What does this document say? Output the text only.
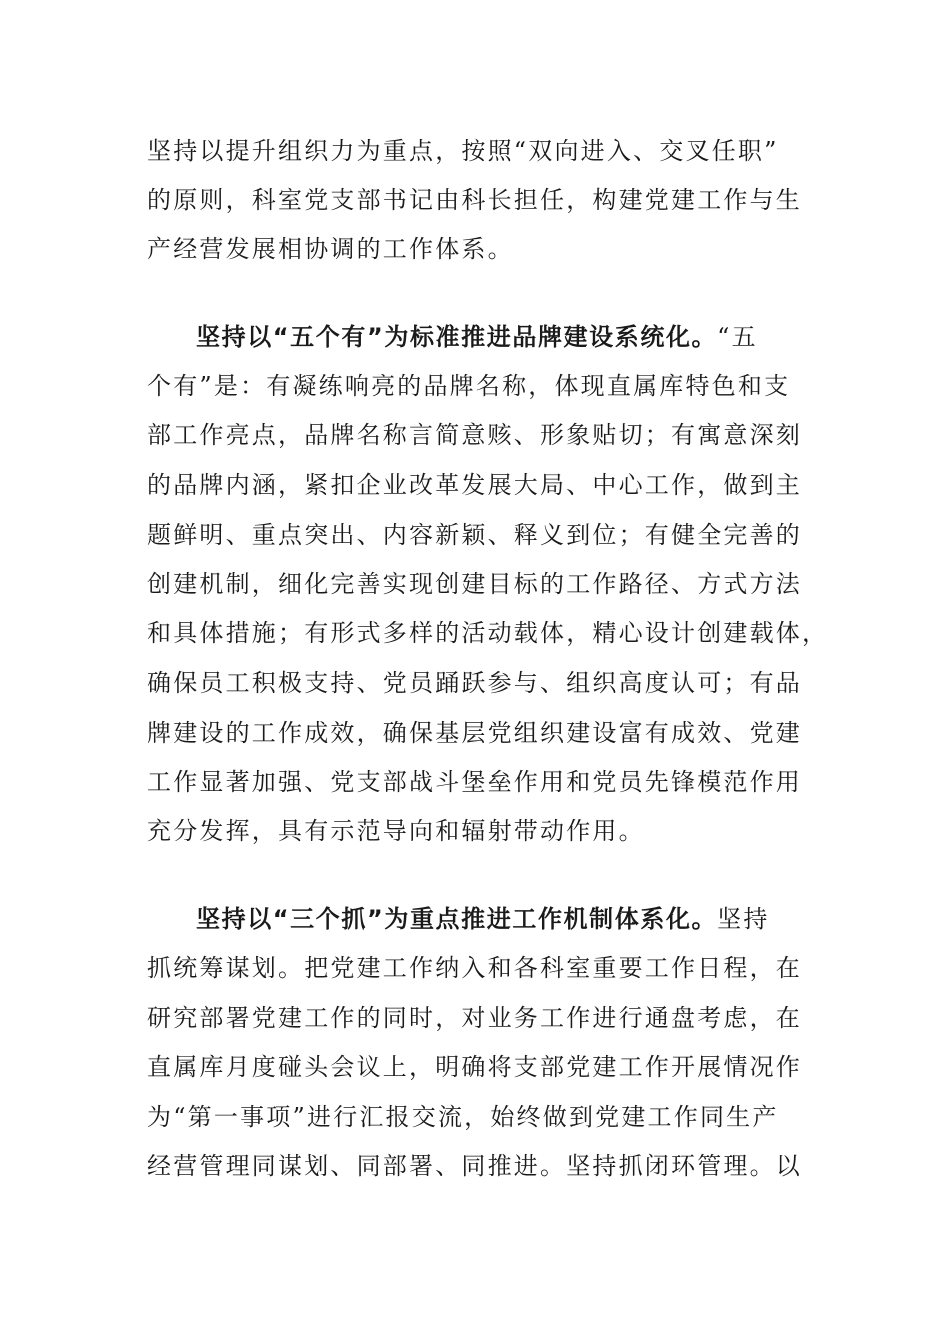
坚持以提升组织力为重点，按照“双向进入、交叉任职”
的原则，科室党支部书记由科长担任，构建党建工作与生
产经营发展相协调的工作体系。
坚持以“五个有”为标准推进品牌建设系统化。“五
个有”是：有凝练响亮的品牌名称，体现直属库特色和支
部工作亮点，品牌名称言简意赅、形象贴切；有寓意深刻
的品牌内涵，紧扣企业改革发展大局、中心工作，做到主
题鲜明、重点突出、内容新颖、释义到位；有健全完善的
创建机制，细化完善实现创建目标的工作路径、方式方法
和具体措施；有形式多样的活动载体，精心设计创建载体，
确保员工积极支持、党员踊跃参与、组织高度认可；有品
牌建设的工作成效，确保基层党组织建设富有成效、党建
工作显著加强、党支部战斗堡垒作用和党员先锋模范作用
充分发挥，具有示范导向和辐射带动作用。
坚持以“三个抓”为重点推进工作机制体系化。坚持
抓统筹谋划。把党建工作纳入和各科室重要工作日程，在
研究部署党建工作的同时，对业务工作进行通盘考虑，在
直属库月度碰头会议上，明确将支部党建工作开展情况作
为“第一事项”进行汇报交流，始终做到党建工作同生产
经营管理同谋划、同部署、同推进。坚持抓闭环管理。以
